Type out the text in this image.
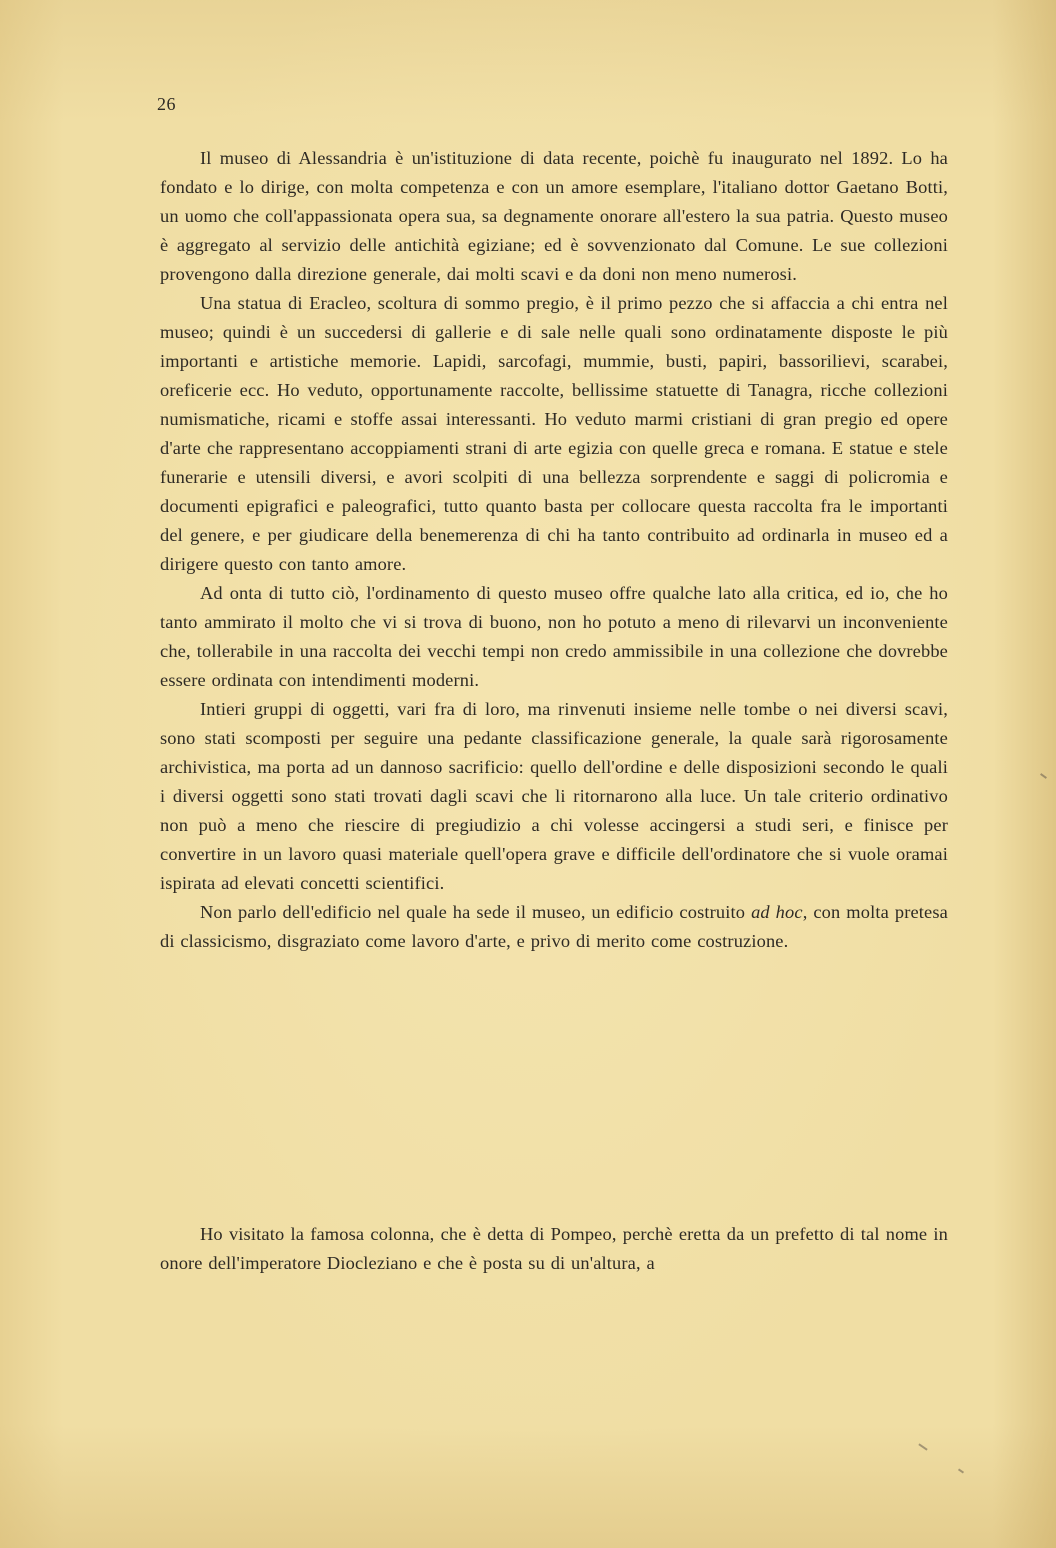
26

Il museo di Alessandria è un'istituzione di data recente, poichè fu inaugurato nel 1892. Lo ha fondato e lo dirige, con molta competenza e con un amore esemplare, l'italiano dottor Gaetano Botti, un uomo che coll'appassionata opera sua, sa degnamente onorare all'estero la sua patria. Questo museo è aggregato al servizio delle antichità egiziane; ed è sovvenzionato dal Comune. Le sue collezioni provengono dalla direzione generale, dai molti scavi e da doni non meno numerosi.

Una statua di Eracleo, scoltura di sommo pregio, è il primo pezzo che si affaccia a chi entra nel museo; quindi è un succedersi di gallerie e di sale nelle quali sono ordinatamente disposte le più importanti e artistiche memorie. Lapidi, sarcofagi, mummie, busti, papiri, bassorilievi, scarabei, oreficerie ecc. Ho veduto, opportunamente raccolte, bellissime statuette di Tanagra, ricche collezioni numismatiche, ricami e stoffe assai interessanti. Ho veduto marmi cristiani di gran pregio ed opere d'arte che rappresentano accoppiamenti strani di arte egizia con quelle greca e romana. E statue e stele funerarie e utensili diversi, e avori scolpiti di una bellezza sorprendente e saggi di policromia e documenti epigrafici e paleografici, tutto quanto basta per collocare questa raccolta fra le importanti del genere, e per giudicare della benemerenza di chi ha tanto contribuito ad ordinarla in museo ed a dirigere questo con tanto amore.

Ad onta di tutto ciò, l'ordinamento di questo museo offre qualche lato alla critica, ed io, che ho tanto ammirato il molto che vi si trova di buono, non ho potuto a meno di rilevarvi un inconveniente che, tollerabile in una raccolta dei vecchi tempi non credo ammissibile in una collezione che dovrebbe essere ordinata con intendimenti moderni.

Intieri gruppi di oggetti, vari fra di loro, ma rinvenuti insieme nelle tombe o nei diversi scavi, sono stati scomposti per seguire una pedante classificazione generale, la quale sarà rigorosamente archivistica, ma porta ad un dannoso sacrificio: quello dell'ordine e delle disposizioni secondo le quali i diversi oggetti sono stati trovati dagli scavi che li ritornarono alla luce. Un tale criterio ordinativo non può a meno che riescire di pregiudizio a chi volesse accingersi a studi seri, e finisce per convertire in un lavoro quasi materiale quell'opera grave e difficile dell'ordinatore che si vuole oramai ispirata ad elevati concetti scientifici.

Non parlo dell'edificio nel quale ha sede il museo, un edificio costruito ad hoc, con molta pretesa di classicismo, disgraziato come lavoro d'arte, e privo di merito come costruzione.

Ho visitato la famosa colonna, che è detta di Pompeo, perchè eretta da un prefetto di tal nome in onore dell'imperatore Diocleziano e che è posta su di un'altura, a
